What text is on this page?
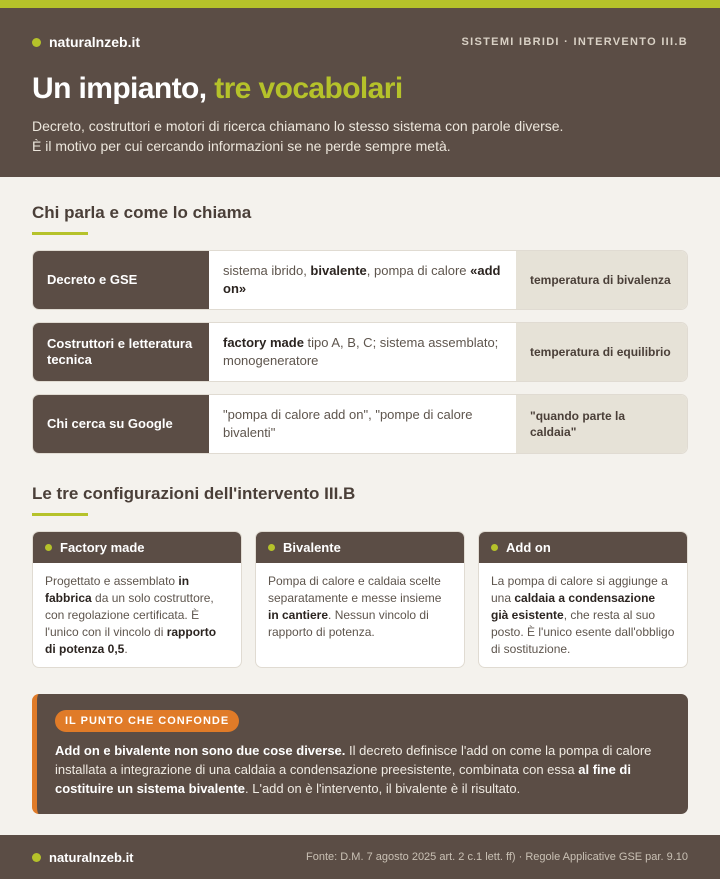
naturalnzeb.it	SISTEMI IBRIDI · INTERVENTO III.B
Un impianto, tre vocabolari

Decreto, costruttori e motori di ricerca chiamano lo stesso sistema con parole diverse.
È il motivo per cui cercando informazioni se ne perde sempre metà.

Chi parla e come lo chiama
Decreto e GSE
sistema ibrido, bivalente, pompa di calore «add on»
temperatura di bivalenza
Costruttori e letteratura tecnica
factory made tipo A, B, C; sistema assemblato; monogeneratore
temperatura di equilibrio
Chi cerca su Google
"pompa di calore add on", "pompe di calore bivalenti"
"quando parte la caldaia"
Le tre configurazioni dell'intervento III.B
Factory made
Progettato e assemblato in fabbrica da un solo costruttore, con regolazione certificata. È l'unico con il vincolo di rapporto di potenza 0,5.
Bivalente
Pompa di calore e caldaia scelte separatamente e messe insieme in cantiere. Nessun vincolo di rapporto di potenza.
Add on
La pompa di calore si aggiunge a una caldaia a condensazione già esistente, che resta al suo posto. È l'unico esente dall'obbligo di sostituzione.
IL PUNTO CHE CONFONDE

Add on e bivalente non sono due cose diverse. Il decreto definisce l'add on come la pompa di calore installata a integrazione di una caldaia a condensazione preesistente, combinata con essa al fine di costituire un sistema bivalente. L'add on è l'intervento, il bivalente è il risultato.

naturalnzeb.it	Fonte: D.M. 7 agosto 2025 art. 2 c.1 lett. ff) · Regole Applicative GSE par. 9.10
